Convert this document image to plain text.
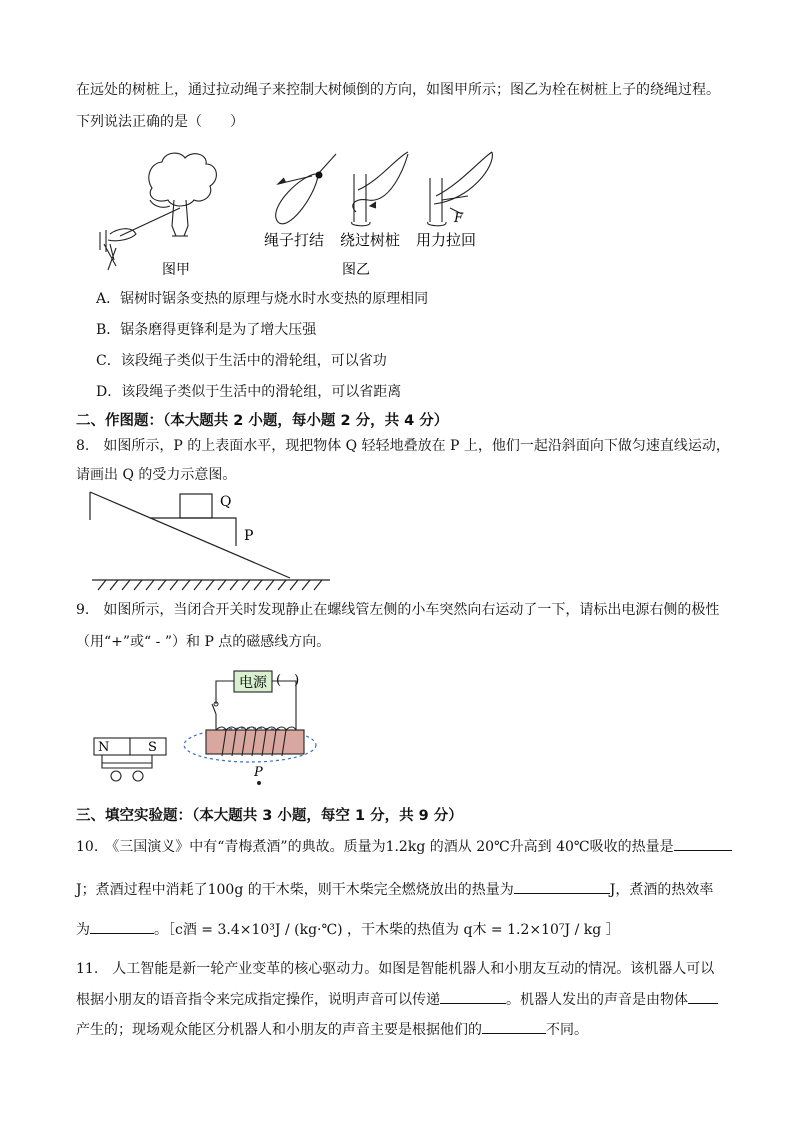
在远处的树桩上，通过拉动绳子来控制大树倾倒的方向，如图甲所示；图乙为栓在树桩上子的绕绳过程。
下列说法正确的是（　　）
F
绳子打结 绕过树桩 用力拉回
图甲	图乙
A．锯树时锯条变热的原理与烧水时水变热的原理相同
B．锯条磨得更锋利是为了增大压强
C．该段绳子类似于生活中的滑轮组，可以省功
D．该段绳子类似于生活中的滑轮组，可以省距离
二、作图题：（本大题共 2 小题，每小题 2 分，共 4 分）
8.　如图所示，P 的上表面水平，现把物体 Q 轻轻地叠放在 P 上，他们一起沿斜面向下做匀速直线运动，
请画出 Q 的受力示意图。
Q
P
9.　如图所示，当闭合开关时发现静止在螺线管左侧的小车突然向右运动了一下，请标出电源右侧的极性
（用“+”或“ - ”）和 P 点的磁感线方向。
电源 (　)
P
N	S
三、填空实验题：（本大题共 3 小题，每空 1 分，共 9 分）
10.　《三国演义》中有“青梅煮酒”的典故。质量为1.2kg 的酒从 20℃升高到 40℃吸收的热量是
J；煮酒过程中消耗了100g 的干木柴，则干木柴完全燃烧放出的热量为	J，煮酒的热效率
为	。［c酒 = 3.4×10³J / (kg·℃) ，干木柴的热值为 q木 = 1.2×10⁷J / kg ］
11.　人工智能是新一轮产业变革的核心驱动力。如图是智能机器人和小朋友互动的情况。该机器人可以
根据小朋友的语音指令来完成指定操作，说明声音可以传递	。机器人发出的声音是由物体
产生的；现场观众能区分机器人和小朋友的声音主要是根据他们的	不同。
